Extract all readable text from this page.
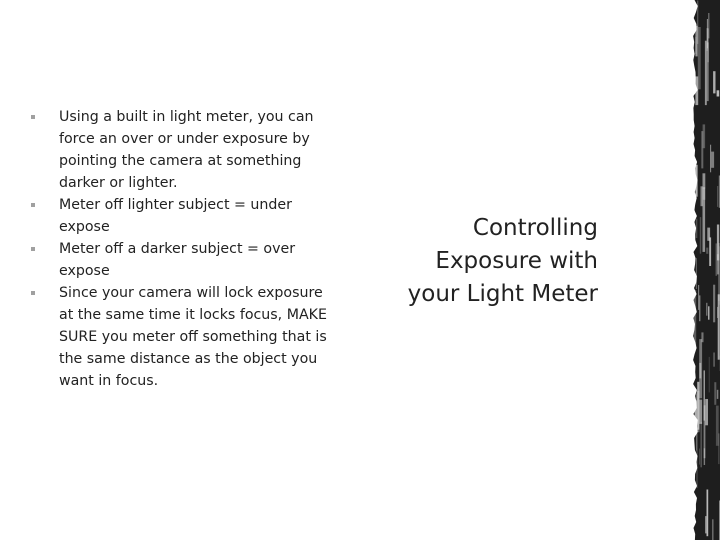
Using a built in light meter, you can force an over or under exposure by pointing the camera at something darker or lighter.
Meter off lighter subject = under expose
Meter off a darker subject = over expose
Since your camera will lock exposure at the same time it locks focus, MAKE SURE you meter off something that is the same distance as the object you want in focus.
Controlling
Exposure with
your Light Meter
